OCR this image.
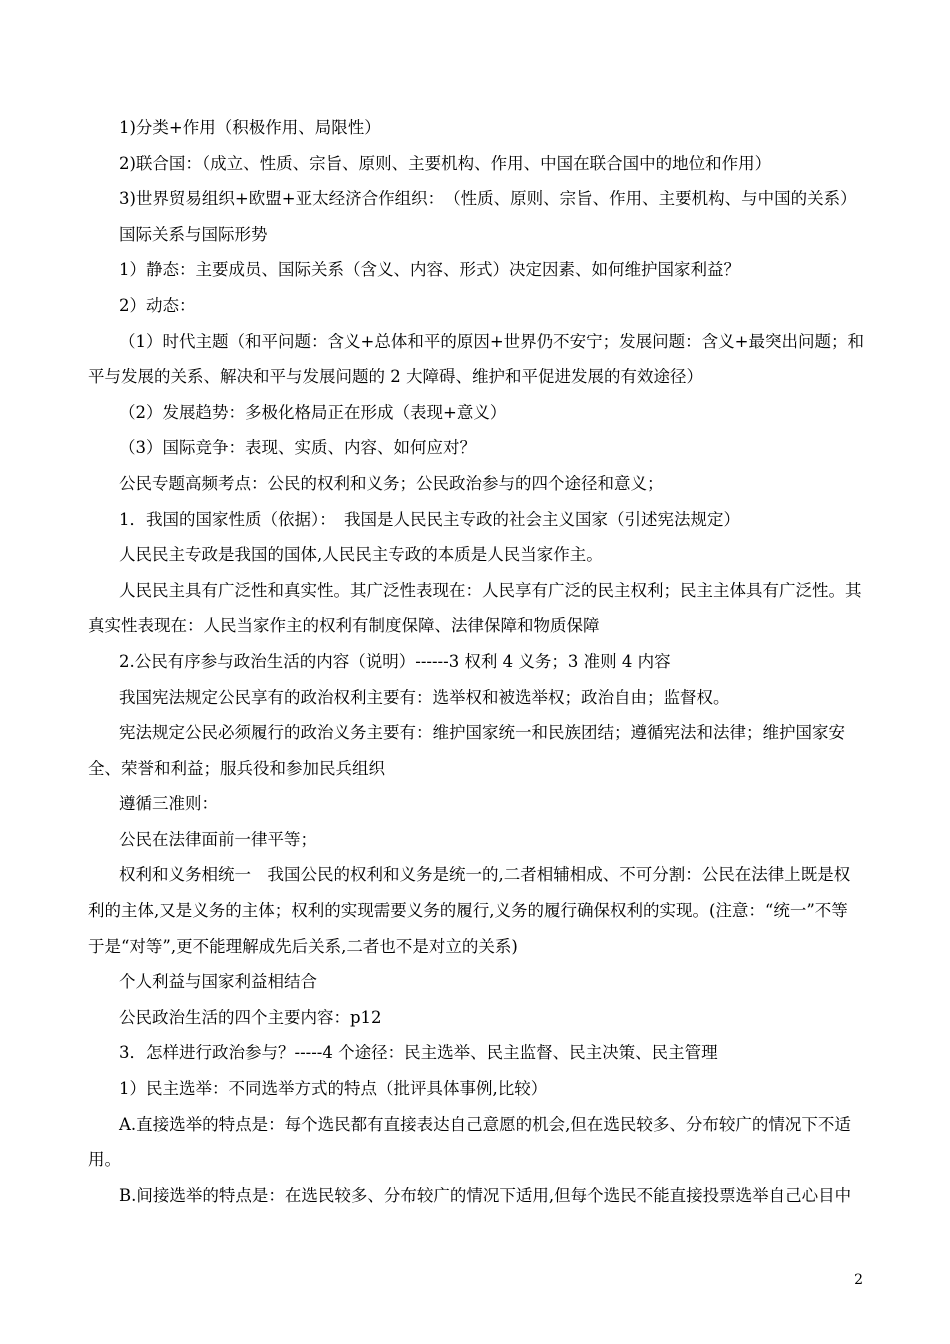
1)分类+作用（积极作用、局限性）

2)联合国：（成立、性质、宗旨、原则、主要机构、作用、中国在联合国中的地位和作用）

3)世界贸易组织+欧盟+亚太经济合作组织：　（性质、原则、宗旨、作用、主要机构、与中国的关系）

国际关系与国际形势

1）静态：主要成员、国际关系（含义、内容、形式）决定因素、如何维护国家利益？

2）动态：

（1）时代主题（和平问题：含义+总体和平的原因+世界仍不安宁；发展问题：含义+最突出问题；和平与发展的关系、解决和平与发展问题的 2 大障碍、维护和平促进发展的有效途径）

（2）发展趋势：多极化格局正在形成（表现+意义）

（3）国际竞争：表现、实质、内容、如何应对？

公民专题高频考点：公民的权利和义务；公民政治参与的四个途径和意义；

1．我国的国家性质（依据）：　我国是人民民主专政的社会主义国家（引述宪法规定）

人民民主专政是我国的国体,人民民主专政的本质是人民当家作主。

人民民主具有广泛性和真实性。其广泛性表现在：人民享有广泛的民主权利；民主主体具有广泛性。其真实性表现在：人民当家作主的权利有制度保障、法律保障和物质保障

2.公民有序参与政治生活的内容（说明）------3 权利 4 义务；3 准则 4 内容

我国宪法规定公民享有的政治权利主要有：选举权和被选举权；政治自由；监督权。

宪法规定公民必须履行的政治义务主要有：维护国家统一和民族团结；遵循宪法和法律；维护国家安全、荣誉和利益；服兵役和参加民兵组织

遵循三准则：

公民在法律面前一律平等；

权利和义务相统一　我国公民的权利和义务是统一的,二者相辅相成、不可分割：公民在法律上既是权利的主体,又是义务的主体；权利的实现需要义务的履行,义务的履行确保权利的实现。(注意：“统一”不等于是“对等”,更不能理解成先后关系,二者也不是对立的关系)

个人利益与国家利益相结合

公民政治生活的四个主要内容：p12

3．怎样进行政治参与？-----4 个途径：民主选举、民主监督、民主决策、民主管理

1）民主选举：不同选举方式的特点（批评具体事例,比较）

A.直接选举的特点是：每个选民都有直接表达自己意愿的机会,但在选民较多、分布较广的情况下不适用。

B.间接选举的特点是：在选民较多、分布较广的情况下适用,但每个选民不能直接投票选举自己心目中

2
